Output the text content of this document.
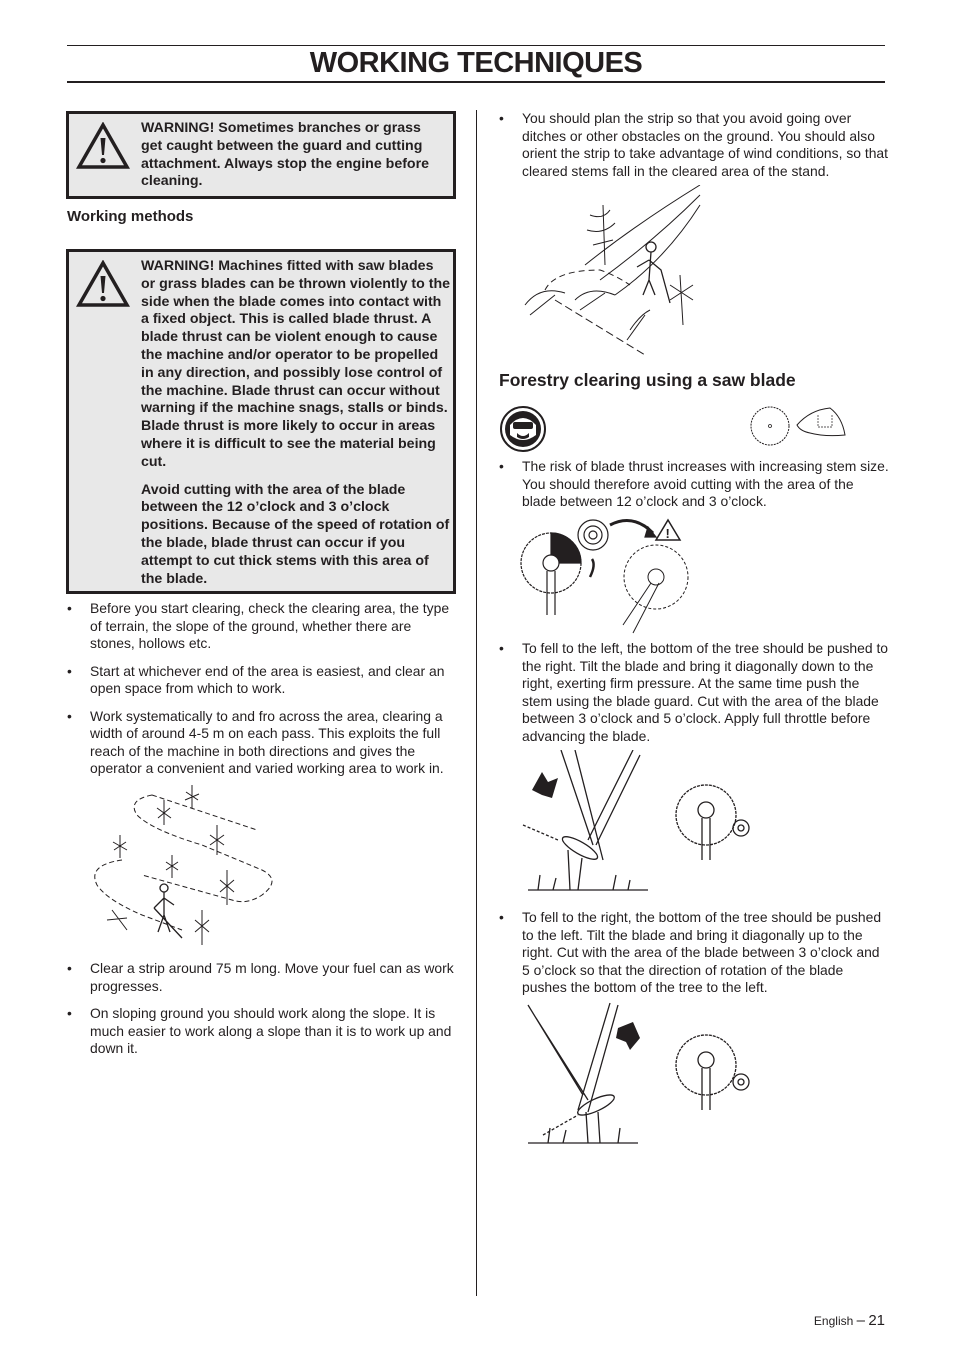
WORKING TECHNIQUES
WARNING! Sometimes branches or grass get caught between the guard and cutting attachment. Always stop the engine before cleaning.
Working methods

WARNING! Machines fitted with saw blades or grass blades can be thrown violently to the side when the blade comes into contact with a fixed object. This is called blade thrust. A blade thrust can be violent enough to cause the machine and/or operator to be propelled in any direction, and possibly lose control of the machine. Blade thrust can occur without warning if the machine snags, stalls or binds. Blade thrust is more likely to occur in areas where it is difficult to see the material being cut.

Avoid cutting with the area of the blade between the 12 o’clock and 3 o’clock positions. Because of the speed of rotation of the blade, blade thrust can occur if you attempt to cut thick stems with this area of the blade.

• Before you start clearing, check the clearing area, the type of terrain, the slope of the ground, whether there are stones, hollows etc.
• Start at whichever end of the area is easiest, and clear an open space from which to work.
• Work systematically to and fro across the area, clearing a width of around 4-5 m on each pass. This exploits the full reach of the machine in both directions and gives the operator a convenient and varied working area to work in.
• Clear a strip around 75 m long. Move your fuel can as work progresses.
• On sloping ground you should work along the slope. It is much easier to work along a slope than it is to work up and down it.
• You should plan the strip so that you avoid going over ditches or other obstacles on the ground. You should also orient the strip to take advantage of wind conditions, so that cleared stems fall in the cleared area of the stand.
Forestry clearing using a saw blade
• The risk of blade thrust increases with increasing stem size. You should therefore avoid cutting with the area of the blade between 12 o’clock and 3 o’clock.
!
• To fell to the left, the bottom of the tree should be pushed to the right. Tilt the blade and bring it diagonally down to the right, exerting firm pressure. At the same time push the stem using the blade guard. Cut with the area of the blade between 3 o’clock and 5 o’clock. Apply full throttle before advancing the blade.
• To fell to the right, the bottom of the tree should be pushed to the left. Tilt the blade and bring it diagonally up to the right. Cut with the area of the blade between 3 o’clock and 5 o’clock so that the direction of rotation of the blade pushes the bottom of the tree to the left.
English – 21
